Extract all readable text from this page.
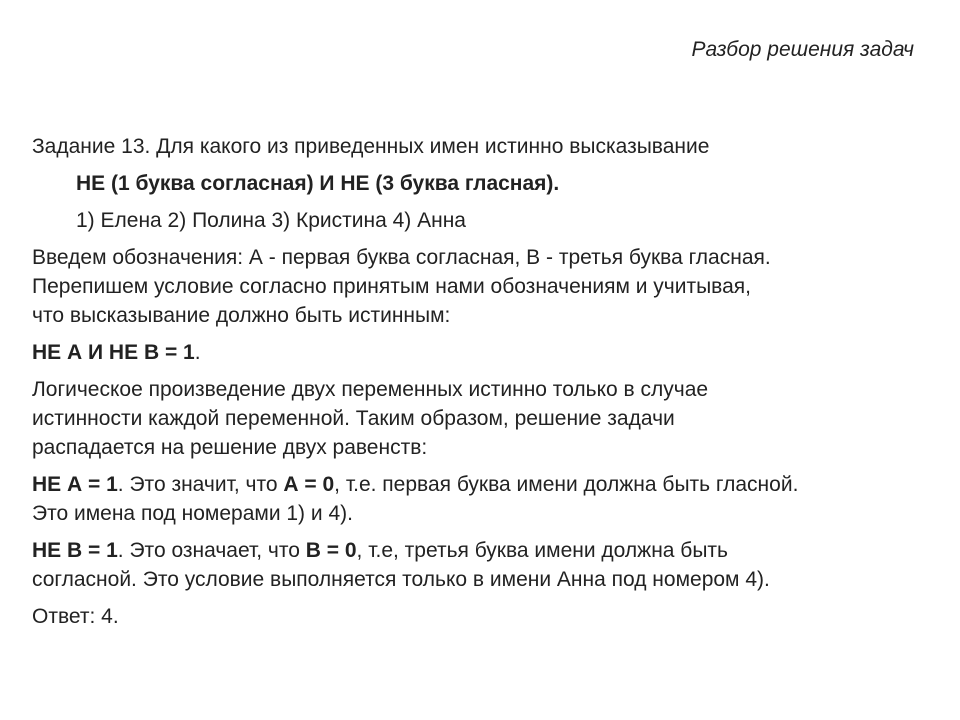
Разбор решения задач
Задание 13. Для какого из приведенных имен истинно высказывание
НЕ (1 буква согласная) И НЕ (3 буква гласная).
1) Елена 2) Полина 3) Кристина 4) Анна
Введем обозначения: А - первая буква согласная, В - третья буква гласная.
Перепишем условие согласно принятым нами обозначениям и учитывая,
что высказывание должно быть истинным:
НЕ А И НЕ В = 1.
Логическое произведение двух переменных истинно только в случае
истинности каждой переменной. Таким образом, решение задачи
распадается на решение двух равенств:
НЕ А = 1. Это значит, что А = 0, т.е. первая буква имени должна быть гласной.
Это имена под номерами 1) и 4).
НЕ В = 1. Это означает, что В = 0, т.е, третья буква имени должна быть
согласной. Это условие выполняется только в имени Анна под номером 4).
Ответ: 4.
